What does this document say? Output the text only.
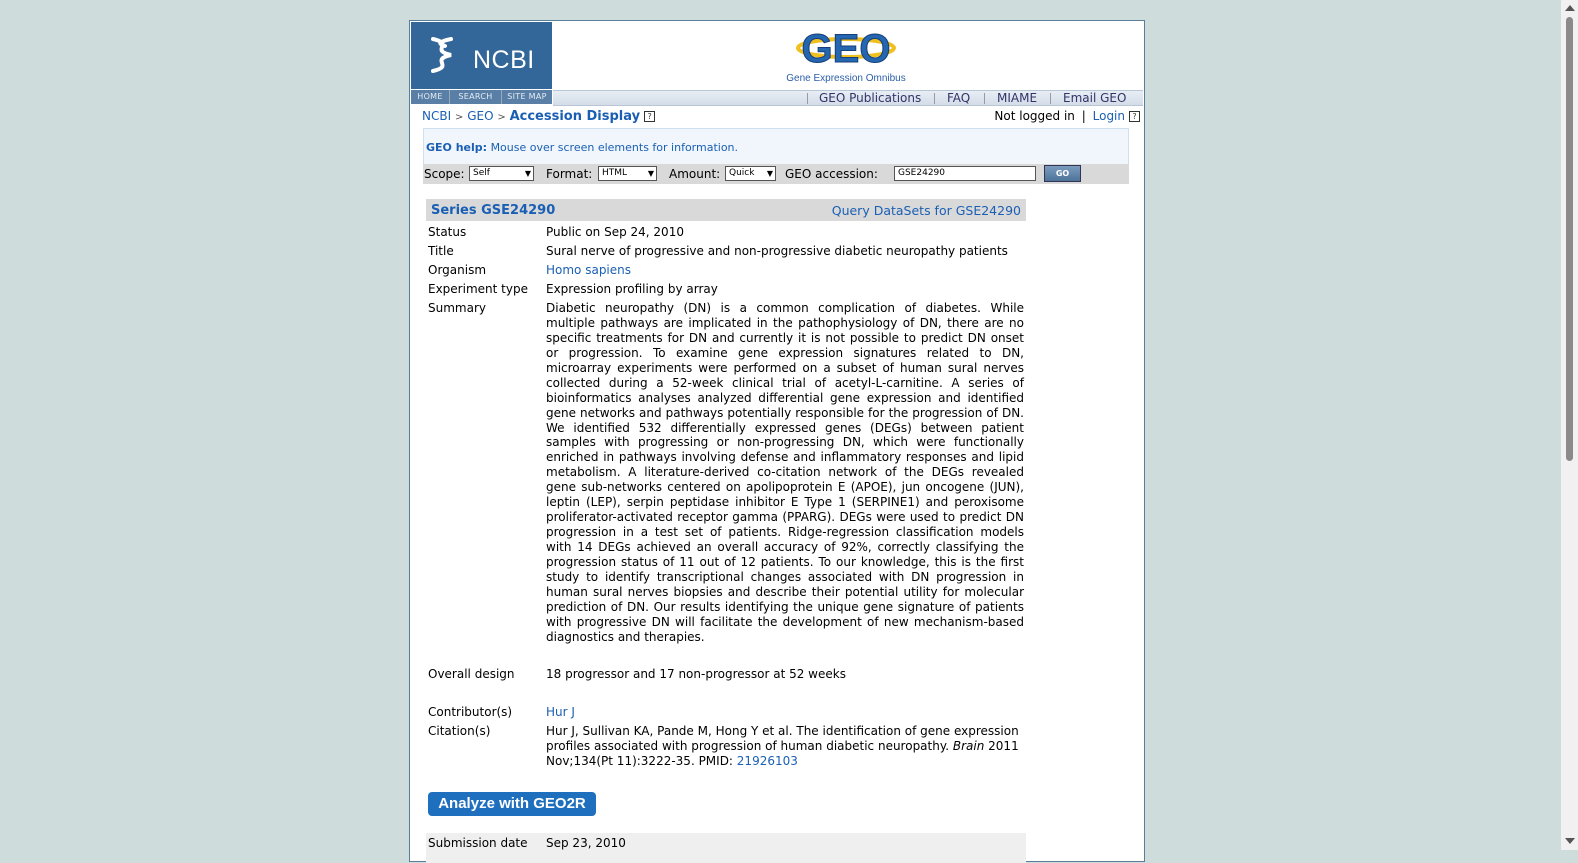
NCBI	GEO
Gene Expression Omnibus
HOME	SEARCH	SITE MAP	GEO Publications FAQ MIAME Email GEO
NCBI > GEO > Accession Display ?	Not logged in | Login ?
GEO help: Mouse over screen elements for information.
Scope: Self	▼ Format:	HTML	▼ Amount: Quick ▼ GEO accession:	GSE24290	GO
Series GSE24290	Query DataSets for GSE24290
Status	Public on Sep 24, 2010
Title	Sural nerve of progressive and non-progressive diabetic neuropathy patients
Organism	Homo sapiens
Experiment type	Expression profiling by array
Summary	Diabetic neuropathy (DN) is a common complication of diabetes. While multiple pathways are implicated in the pathophysiology of DN, there are no specific treatments for DN and currently it is not possible to predict DN onset or progression. To examine gene expression signatures related to DN, microarray experiments were performed on a subset of human sural nerves collected during a 52-week clinical trial of acetyl-L-carnitine. A series of bioinformatics analyses analyzed differential gene expression and identified gene networks and pathways potentially responsible for the progression of DN. We identified 532 differentially expressed genes (DEGs) between patient samples with progressing or non-progressing DN, which were functionally enriched in pathways involving defense and inflammatory responses and lipid metabolism. A literature-derived co-citation network of the DEGs revealed gene sub-networks centered on apolipoprotein E (APOE), jun oncogene (JUN), leptin (LEP), serpin peptidase inhibitor E Type 1 (SERPINE1) and peroxisome proliferator-activated receptor gamma (PPARG). DEGs were used to predict DN progression in a test set of patients. Ridge-regression classification models with 14 DEGs achieved an overall accuracy of 92%, correctly classifying the progression status of 11 out of 12 patients. To our knowledge, this is the first study to identify transcriptional changes associated with DN progression in human sural nerves biopsies and describe their potential utility for molecular prediction of DN. Our results identifying the unique gene signature of patients with progressive DN will facilitate the development of new mechanism-based diagnostics and therapies.
Overall design	18 progressor and 17 non-progressor at 52 weeks
Contributor(s)	Hur J
Citation(s)	Hur J, Sullivan KA, Pande M, Hong Y et al. The identification of gene expression profiles associated with progression of human diabetic neuropathy. Brain 2011 Nov;134(Pt 11):3222-35. PMID: 21926103
Analyze with GEO2R
Submission date	Sep 23, 2010
